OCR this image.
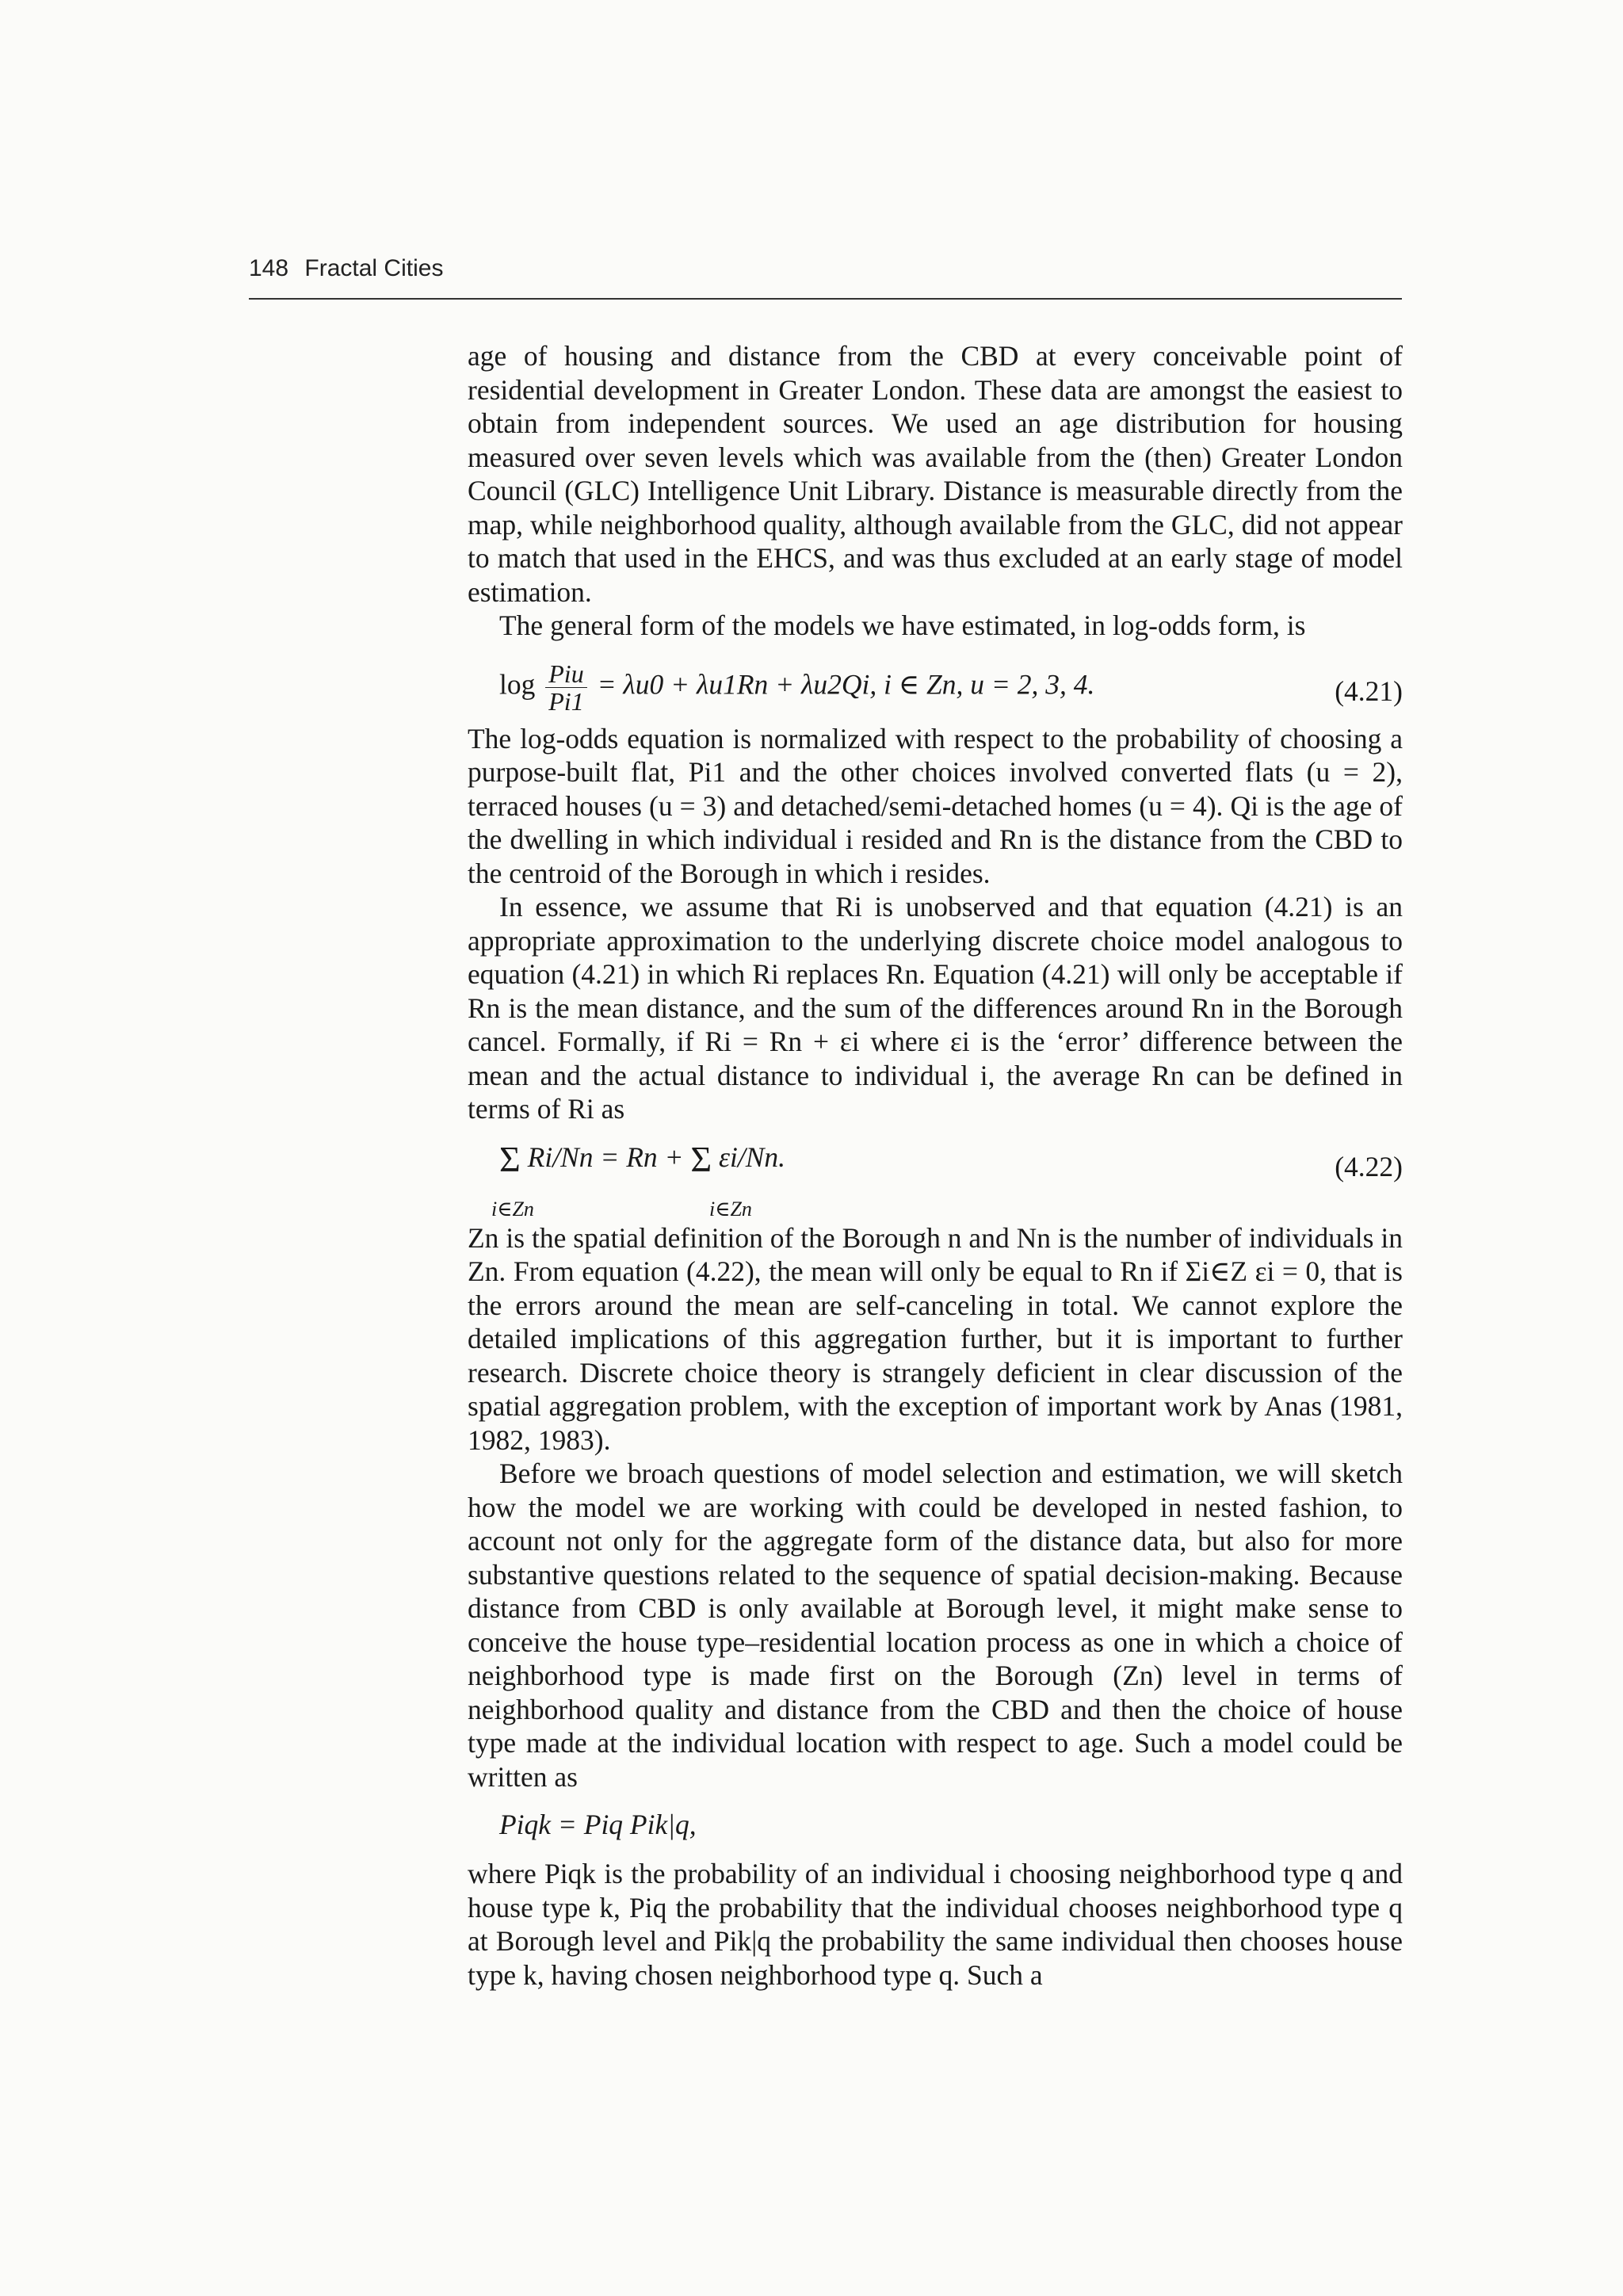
148 Fractal Cities

age of housing and distance from the CBD at every conceivable point of residential development in Greater London. These data are amongst the easiest to obtain from independent sources. We used an age distribution for housing measured over seven levels which was available from the (then) Greater London Council (GLC) Intelligence Unit Library. Distance is measurable directly from the map, while neighborhood quality, although available from the GLC, did not appear to match that used in the EHCS, and was thus excluded at an early stage of model estimation.

The general form of the models we have estimated, in log-odds form, is

$\log \frac{\text{Piu}}{Pi1} = \lambda u0 + \lambda u1Rn + \lambda u2Qi$, i ∈ Zn, u = 2, 3, 4.	(4.21)

The log-odds equation is normalized with respect to the probability of choosing a purpose-built flat, Pi1 and the other choices involved converted flats (u = 2), terraced houses (u = 3) and detached/semi-detached homes (u = 4). Qi is the age of the dwelling in which individual i resided and Rn is the distance from the CBD to the centroid of the Borough in which i resides.

In essence, we assume that Ri is unobserved and that equation (4.21) is an appropriate approximation to the underlying discrete choice model analogous to equation (4.21) in which Ri replaces Rn. Equation (4.21) will only be acceptable if Rn is the mean distance, and the sum of the differences around Rn in the Borough cancel. Formally, if Ri = Rn + εi where εi is the ‘error’ difference between the mean and the actual distance to individual i, the average Rn can be defined in terms of Ri as

Σ Ri/Nn = Rn + Σ εi/Nn.
i∈Zn	i∈Zn
(4.22)

Zn is the spatial definition of the Borough n and Nn is the number of individuals in Zn. From equation (4.22), the mean will only be equal to Rn if Σi∈Z εi = 0, that is the errors around the mean are self-canceling in total. We cannot explore the detailed implications of this aggregation further, but it is important to further research. Discrete choice theory is strangely deficient in clear discussion of the spatial aggregation problem, with the exception of important work by Anas (1981, 1982, 1983).

Before we broach questions of model selection and estimation, we will sketch how the model we are working with could be developed in nested fashion, to account not only for the aggregate form of the distance data, but also for more substantive questions related to the sequence of spatial decision-making. Because distance from CBD is only available at Borough level, it might make sense to conceive the house type–residential location process as one in which a choice of neighborhood type is made first on the Borough (Zn) level in terms of neighborhood quality and distance from the CBD and then the choice of house type made at the individual location with respect to age. Such a model could be written as

Piqk = Piq Pik|q,

where Piqk is the probability of an individual i choosing neighborhood type q and house type k, Piq the probability that the individual chooses neighborhood type q at Borough level and Pik|q the probability the same individual then chooses house type k, having chosen neighborhood type q. Such a
